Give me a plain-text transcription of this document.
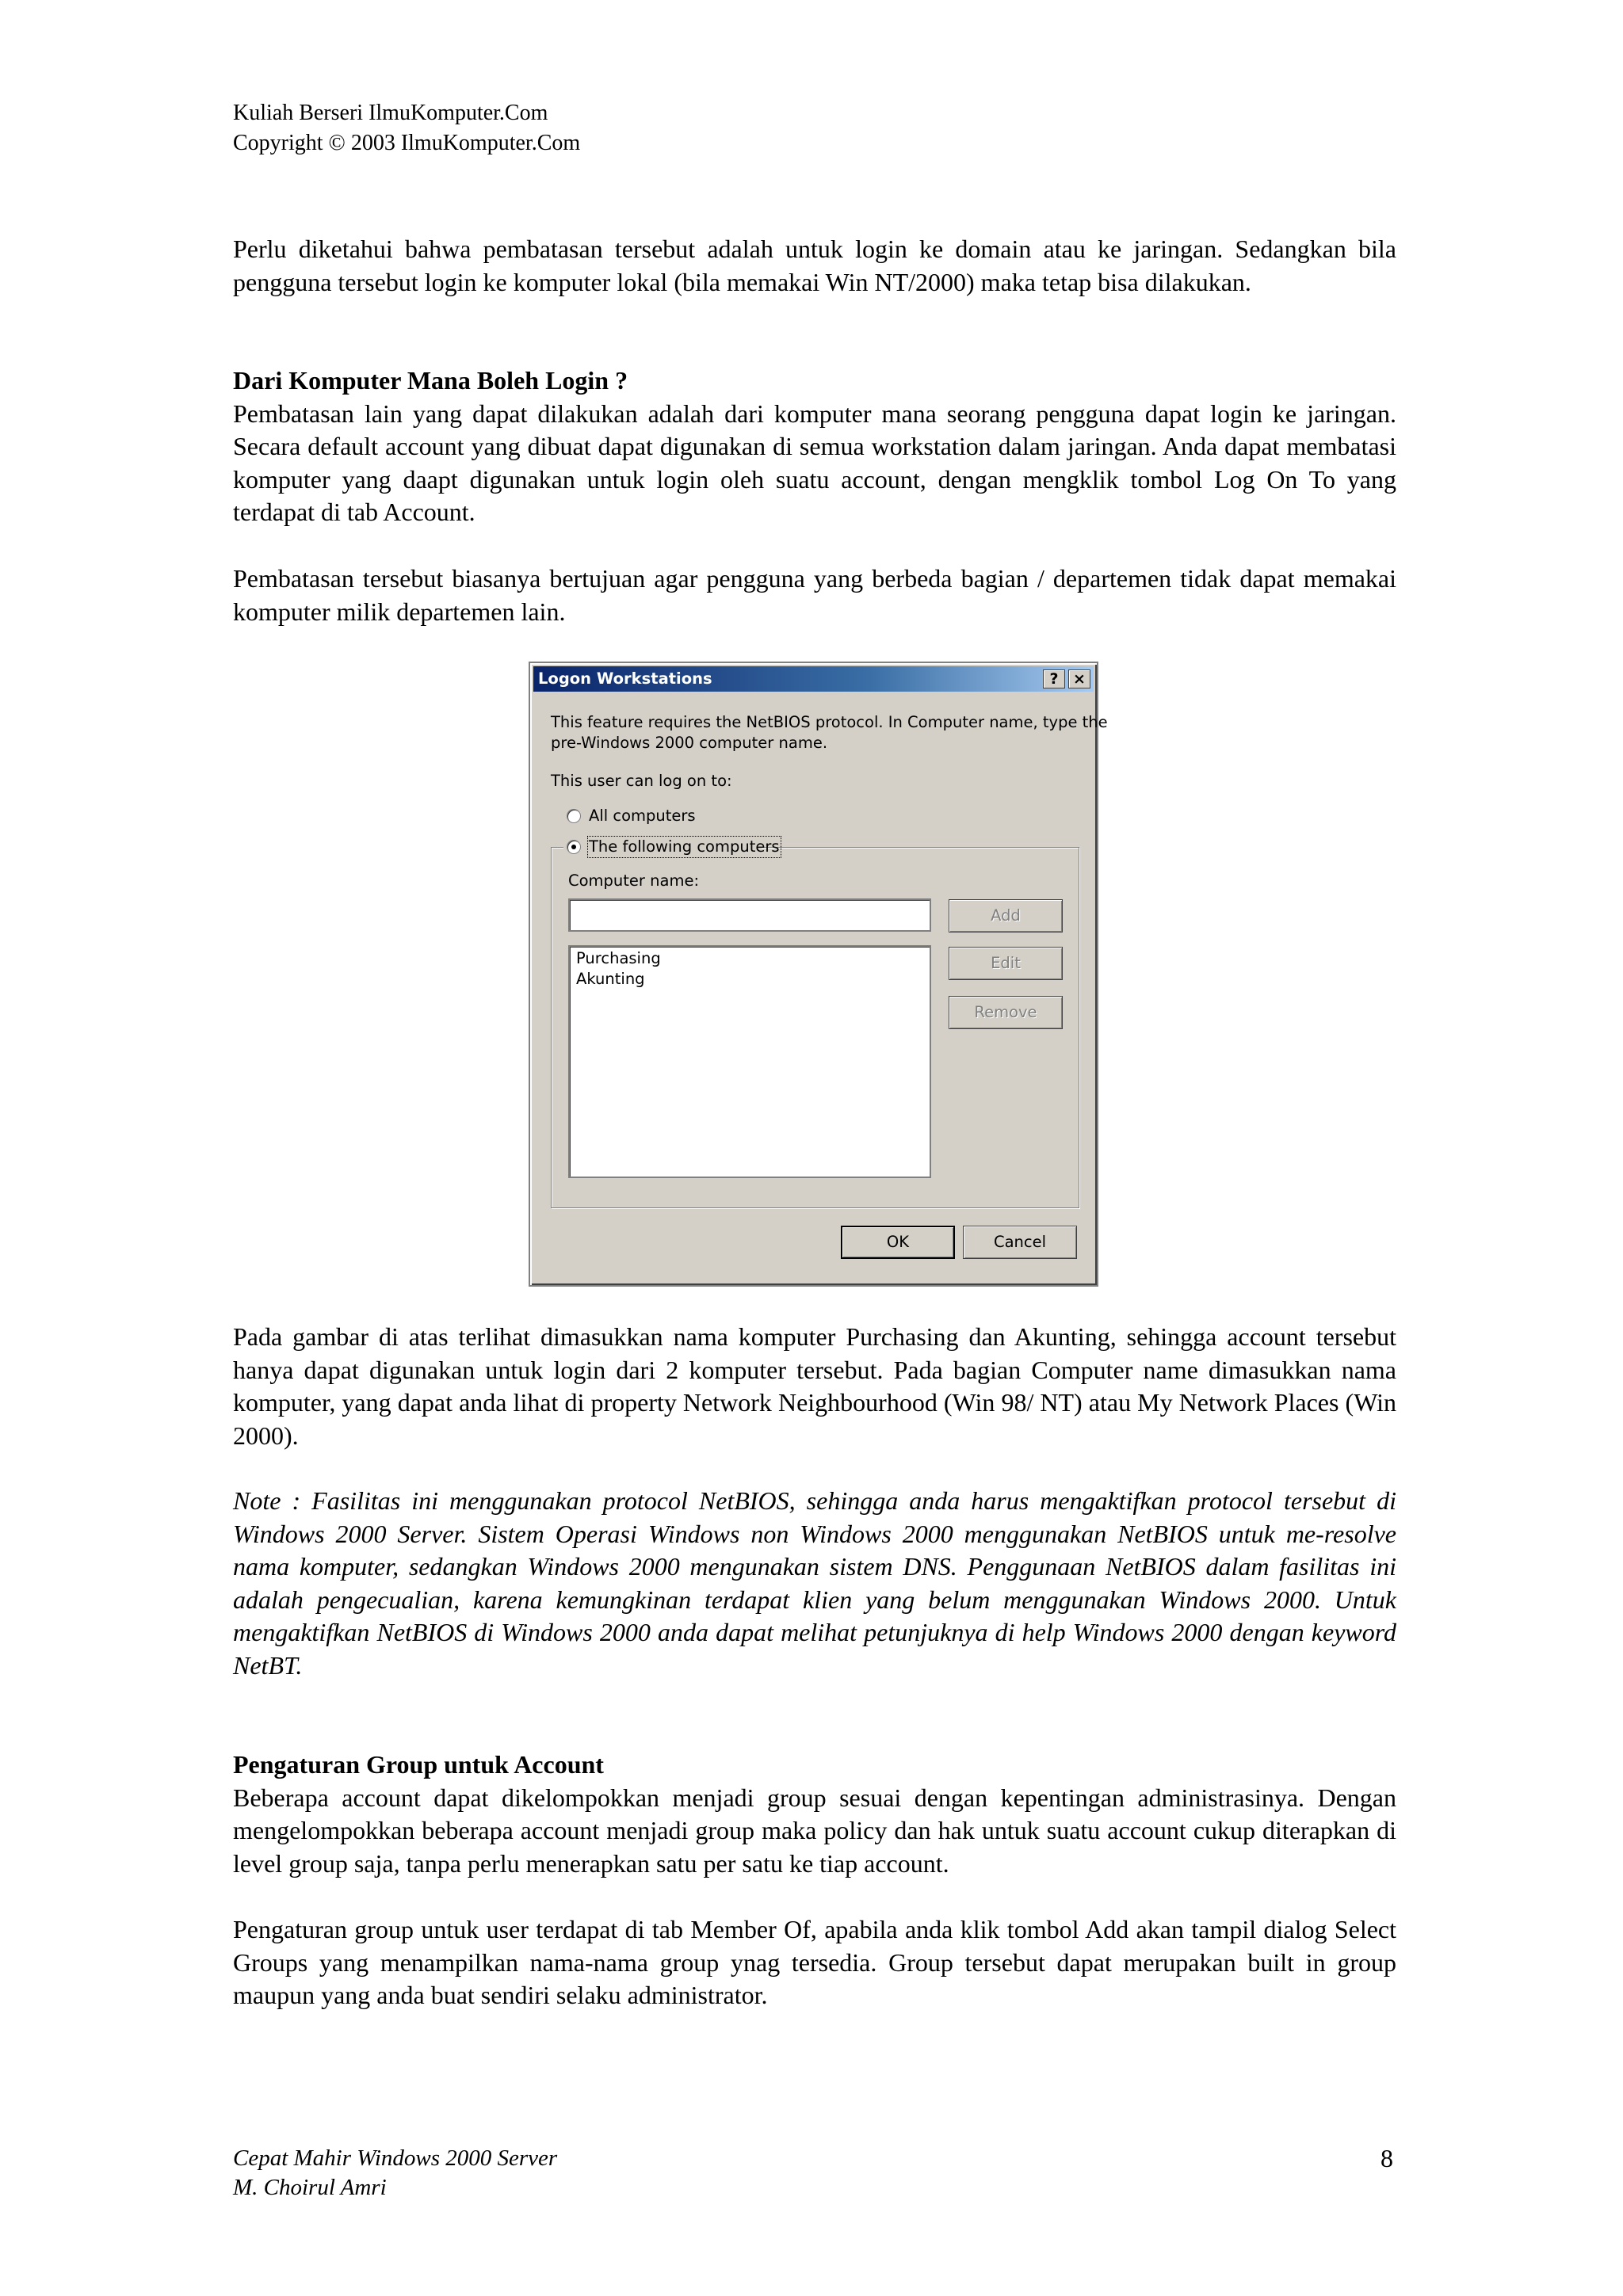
Kuliah Berseri IlmuKomputer.Com
Copyright © 2003 IlmuKomputer.Com

Perlu diketahui bahwa pembatasan tersebut adalah untuk login ke domain atau ke jaringan. Sedangkan bila pengguna tersebut login ke komputer lokal (bila memakai Win NT/2000) maka tetap bisa dilakukan.

Dari Komputer Mana Boleh Login ?

Pembatasan lain yang dapat dilakukan adalah dari komputer mana seorang pengguna dapat login ke jaringan. Secara default account yang dibuat dapat digunakan di semua workstation dalam jaringan. Anda dapat membatasi komputer yang daapt digunakan untuk login oleh suatu account, dengan mengklik tombol Log On To yang terdapat di tab Account.

Pembatasan tersebut biasanya bertujuan agar pengguna yang berbeda bagian / departemen tidak dapat memakai komputer milik departemen lain.

Logon Workstations	? ×
This feature requires the NetBIOS protocol. In Computer name, type the
pre-Windows 2000 computer name.
This user can log on to:
All computers
The following computers
Computer name:
Purchasing
Akunting
Add
Edit
Remove
OK	Cancel

Pada gambar di atas terlihat dimasukkan nama komputer Purchasing dan Akunting, sehingga account tersebut hanya dapat digunakan untuk login dari 2 komputer tersebut. Pada bagian Computer name dimasukkan nama komputer, yang dapat anda lihat di property Network Neighbourhood (Win 98/ NT) atau My Network Places (Win 2000).

Note : Fasilitas ini menggunakan protocol NetBIOS, sehingga anda harus mengaktifkan protocol tersebut di Windows 2000 Server. Sistem Operasi Windows non Windows 2000 menggunakan NetBIOS untuk me-resolve nama komputer, sedangkan Windows 2000 mengunakan sistem DNS. Penggunaan NetBIOS dalam fasilitas ini adalah pengecualian, karena kemungkinan terdapat klien yang belum menggunakan Windows 2000. Untuk mengaktifkan NetBIOS di Windows 2000 anda dapat melihat petunjuknya di help Windows 2000 dengan keyword NetBT.

Pengaturan Group untuk Account

Beberapa account dapat dikelompokkan menjadi group sesuai dengan kepentingan administrasinya. Dengan mengelompokkan beberapa account menjadi group maka policy dan hak untuk suatu account cukup diterapkan di level group saja, tanpa perlu menerapkan satu per satu ke tiap account.

Pengaturan group untuk user terdapat di tab Member Of, apabila anda klik tombol Add akan tampil dialog Select Groups yang menampilkan nama-nama group ynag tersedia. Group tersebut dapat merupakan built in group maupun yang anda buat sendiri selaku administrator.

Cepat Mahir Windows 2000 Server
M. Choirul Amri
8
